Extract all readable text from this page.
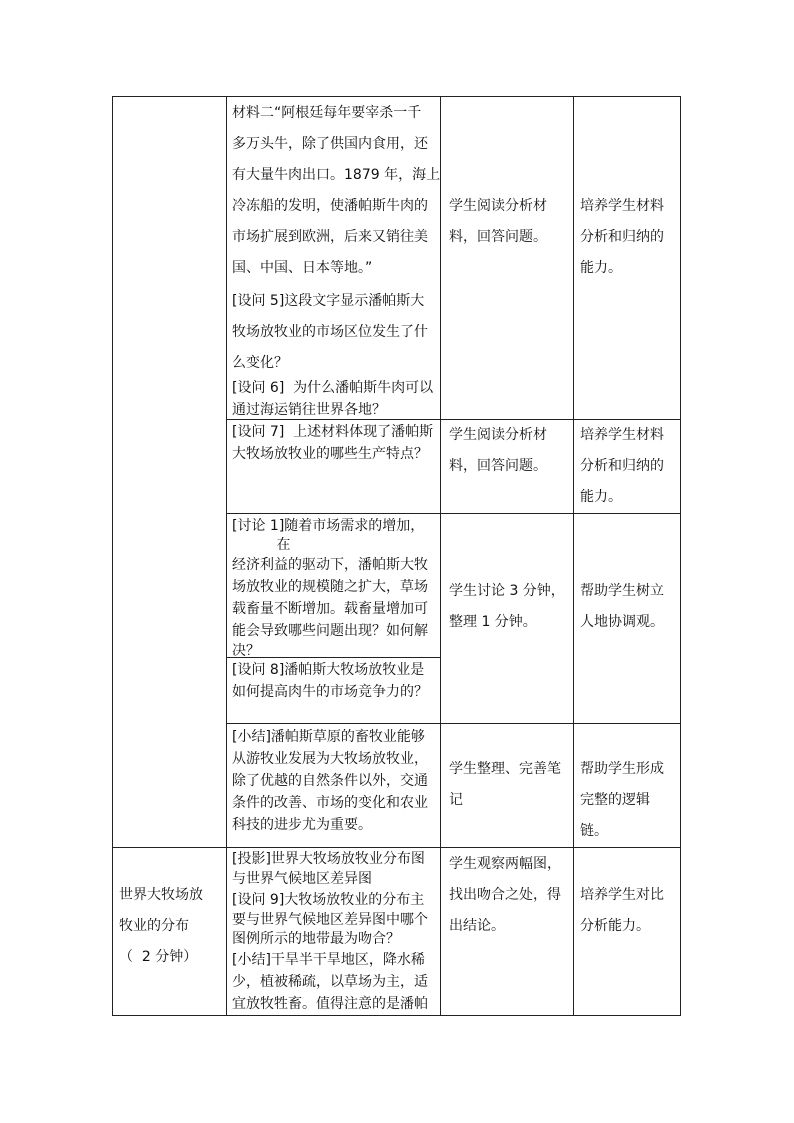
材料二“阿根廷每年要宰杀一千

多万头牛，除了供国内食用，还

有大量牛肉出口。1879 年，海上

冷冻船的发明，使潘帕斯牛肉的

市场扩展到欧洲，后来又销往美

国、中国、日本等地。”

[设问 5]这段文字显示潘帕斯大

牧场放牧业的市场区位发生了什

么变化？

[设问 6]  为什么潘帕斯牛肉可以

通过海运销往世界各地？

学生阅读分析材

料，回答问题。

培养学生材料

分析和归纳的

能力。

[设问 7]  上述材料体现了潘帕斯

大牧场放牧业的哪些生产特点？

学生阅读分析材

料，回答问题。

培养学生材料

分析和归纳的

能力。

[讨论 1]随着市场需求的增加，

在

经济利益的驱动下，潘帕斯大牧

场放牧业的规模随之扩大，草场

载畜量不断增加。载畜量增加可

能会导致哪些问题出现？如何解

决？

[设问 8]潘帕斯大牧场放牧业是

如何提高肉牛的市场竞争力的？

学生讨论 3 分钟，

整理 1 分钟。

帮助学生树立

人地协调观。

[小结]潘帕斯草原的畜牧业能够

从游牧业发展为大牧场放牧业，

除了优越的自然条件以外，交通

条件的改善、市场的变化和农业

科技的进步尤为重要。

学生整理、完善笔

记

帮助学生形成

完整的逻辑

链。

世界大牧场放

牧业的分布

（  2 分钟）

[投影]世界大牧场放牧业分布图

与世界气候地区差异图

[设问 9]大牧场放牧业的分布主

要与世界气候地区差异图中哪个

图例所示的地带最为吻合？

[小结]干旱半干旱地区，降水稀

少，植被稀疏，以草场为主，适

宜放牧牲畜。值得注意的是潘帕

学生观察两幅图，

找出吻合之处，得

出结论。

培养学生对比

分析能力。
